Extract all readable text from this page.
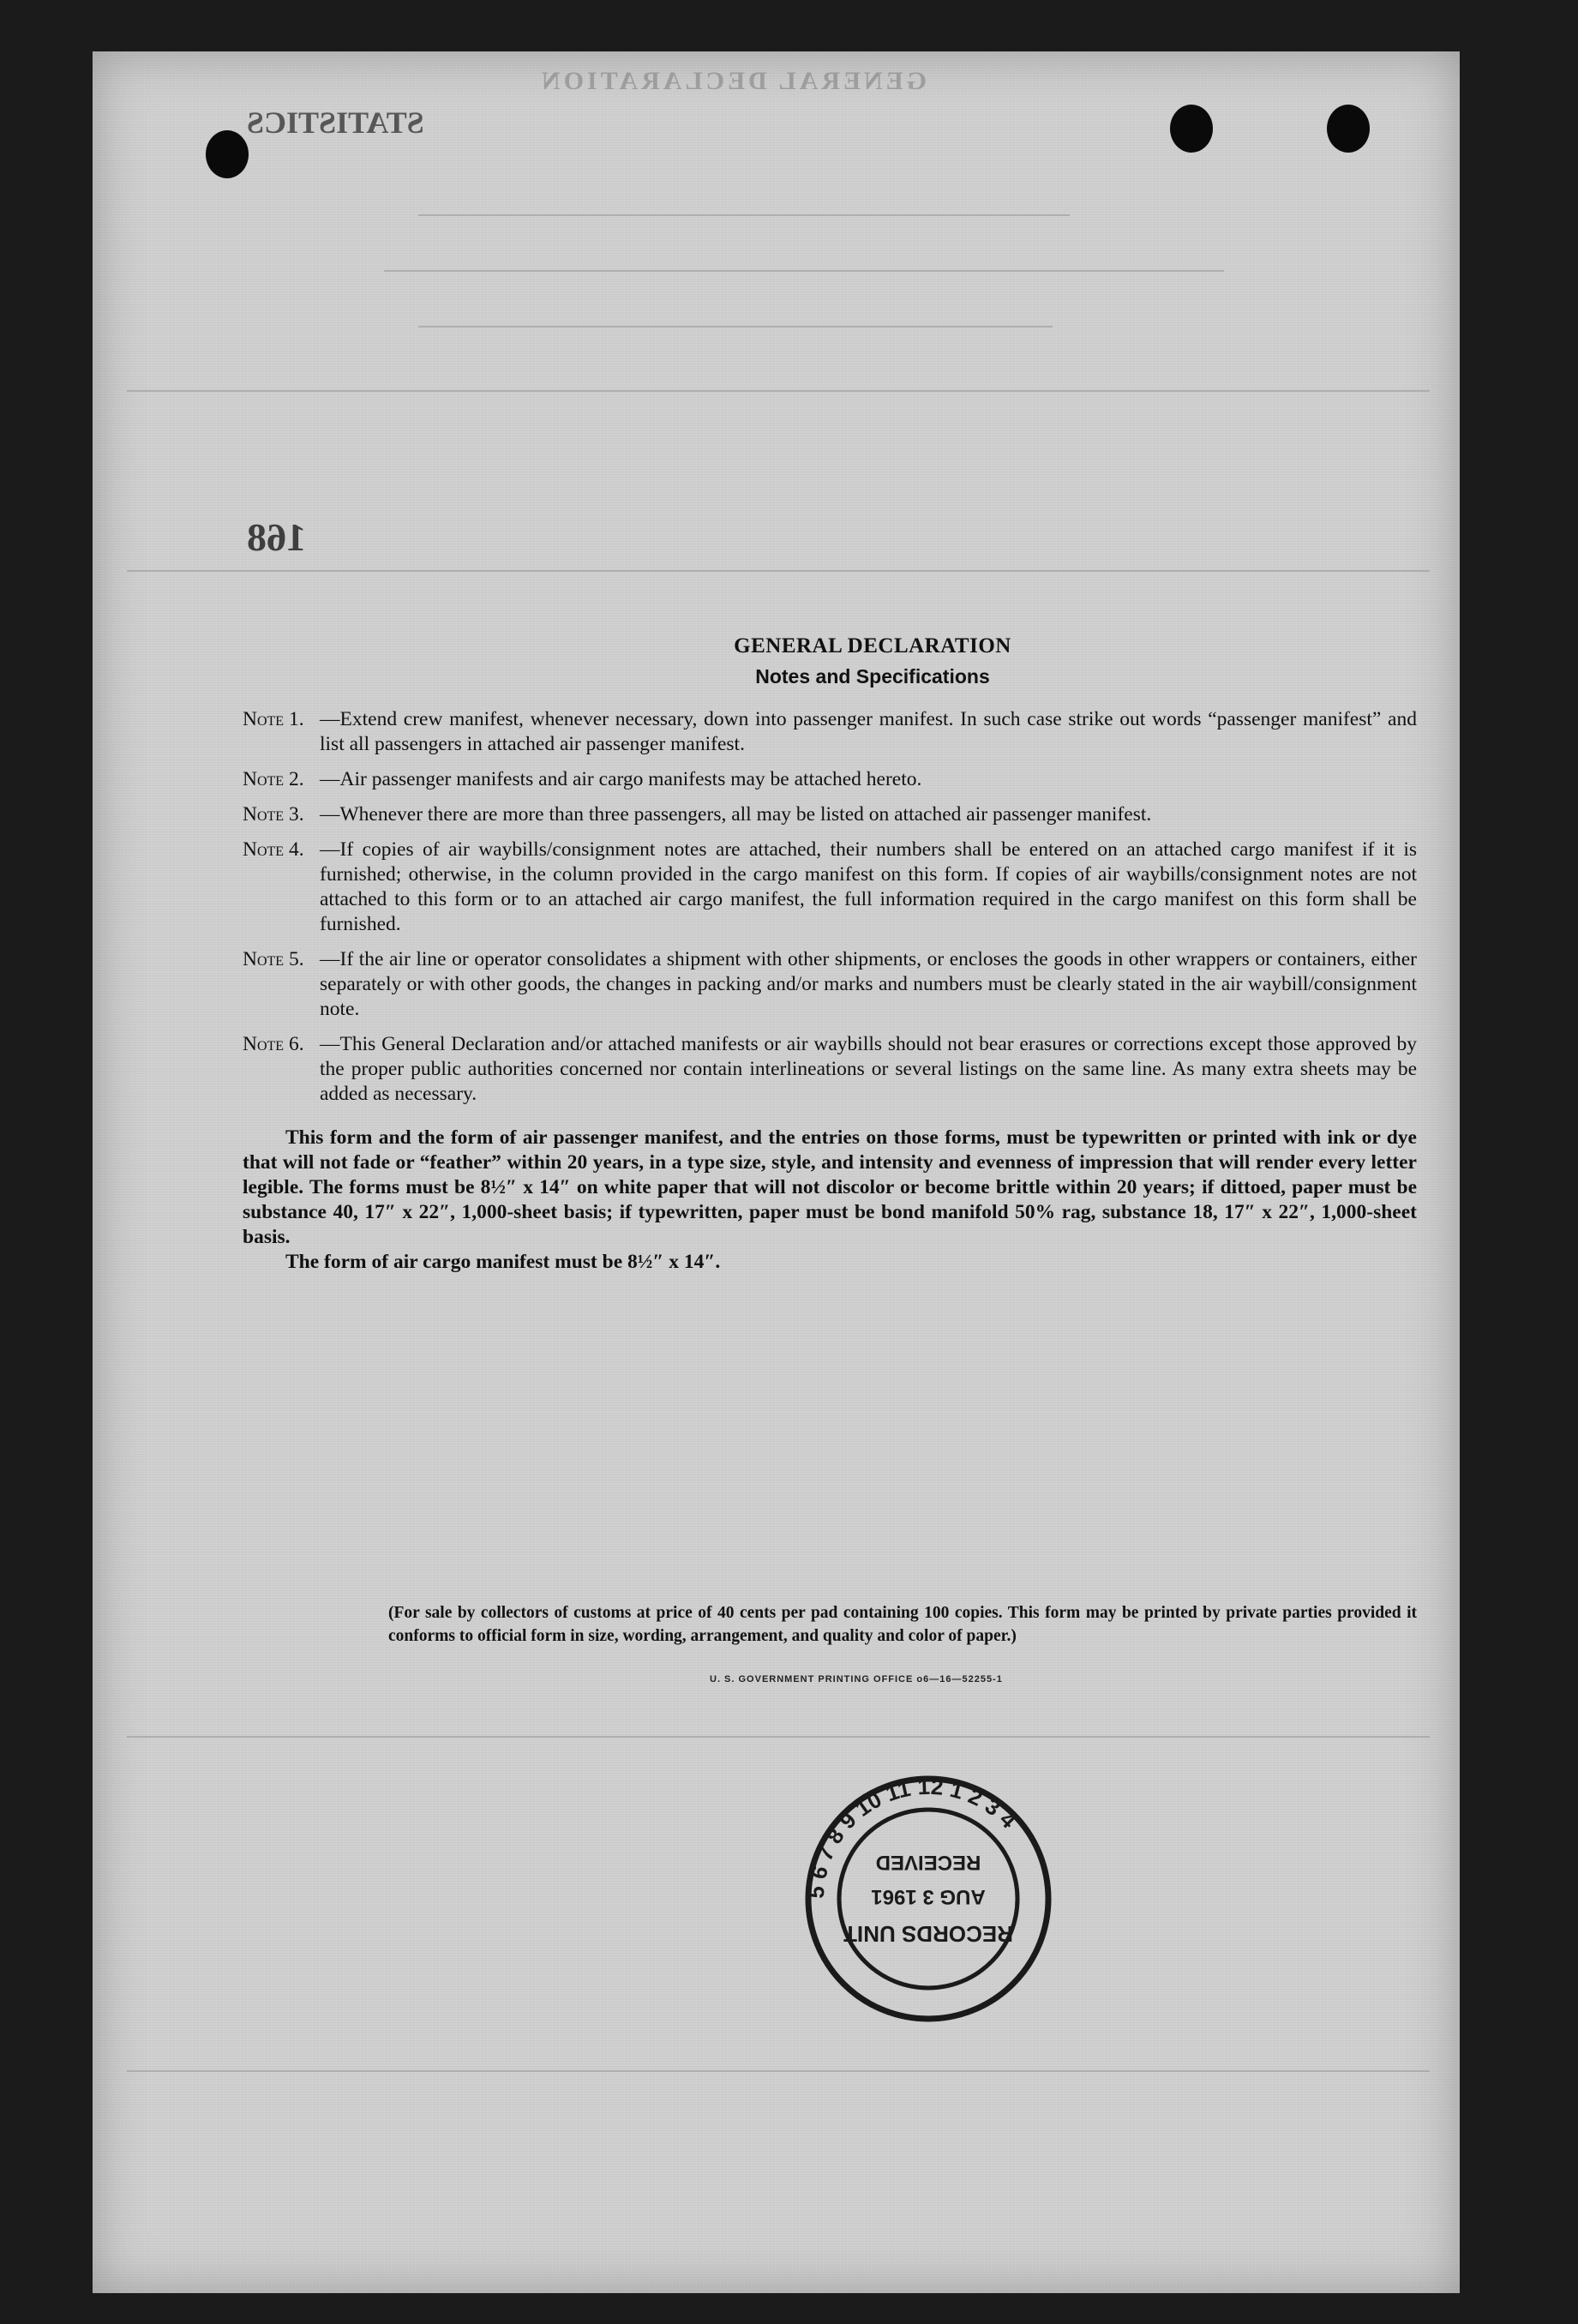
GENERAL DECLARATION
STATISTICS
168
GENERAL DECLARATION
Notes and Specifications
Note 1. —Extend crew manifest, whenever necessary, down into passenger manifest. In such case strike out words “passenger manifest” and list all passengers in attached air passenger manifest.
Note 2. —Air passenger manifests and air cargo manifests may be attached hereto.
Note 3. —Whenever there are more than three passengers, all may be listed on attached air passenger manifest.
Note 4. —If copies of air waybills/consignment notes are attached, their numbers shall be entered on an attached cargo manifest if it is furnished; otherwise, in the column provided in the cargo manifest on this form. If copies of air waybills/consignment notes are not attached to this form or to an attached air cargo manifest, the full information required in the cargo manifest on this form shall be furnished.
Note 5. —If the air line or operator consolidates a shipment with other shipments, or encloses the goods in other wrappers or containers, either separately or with other goods, the changes in packing and/or marks and numbers must be clearly stated in the air waybill/consignment note.
Note 6. —This General Declaration and/or attached manifests or air waybills should not bear erasures or corrections except those approved by the proper public authorities concerned nor contain interlineations or several listings on the same line. As many extra sheets may be added as necessary.
This form and the form of air passenger manifest, and the entries on those forms, must be typewritten or printed with ink or dye that will not fade or “feather” within 20 years, in a type size, style, and intensity and evenness of impression that will render every letter legible. The forms must be 8½″ x 14″ on white paper that will not discolor or become brittle within 20 years; if dittoed, paper must be substance 40, 17″ x 22″, 1,000-sheet basis; if typewritten, paper must be bond manifold 50% rag, substance 18, 17″ x 22″, 1,000-sheet basis.
The form of air cargo manifest must be 8½″ x 14″.
(For sale by collectors of customs at price of 40 cents per pad containing 100 copies. This form may be printed by private parties provided it conforms to official form in size, wording, arrangement, and quality and color of paper.)
U. S. GOVERNMENT PRINTING OFFICE o6—16—52255-1
5 6 7 8 9 10 11 12 1 2 3 4
RECORDS UNIT
AUG 3 1961
RECEIVED
